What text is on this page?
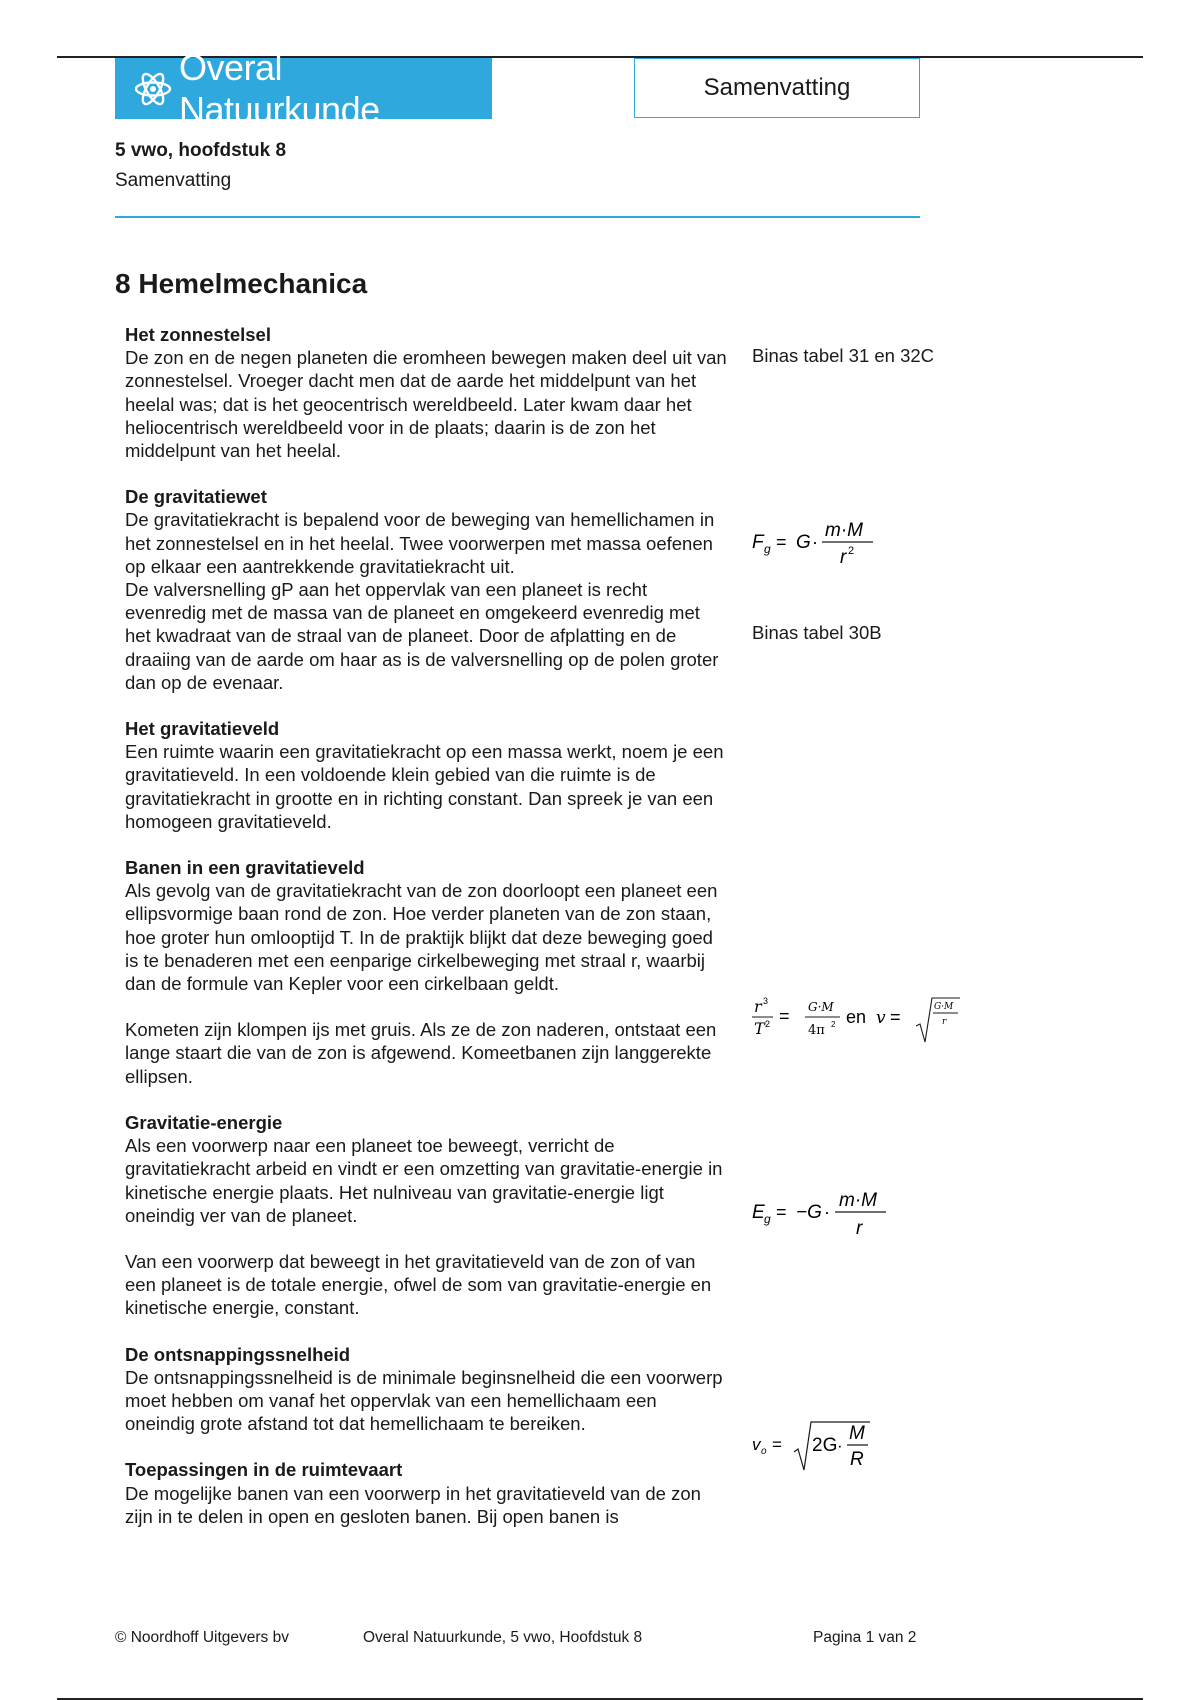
Overal Natuurkunde
Samenvatting
5 vwo, hoofdstuk 8
Samenvatting
8 Hemelmechanica
Het zonnestelsel

De zon en de negen planeten die eromheen bewegen maken deel uit van zonnestelsel. Vroeger dacht men dat de aarde het middelpunt van het heelal was; dat is het geocentrisch wereldbeeld. Later kwam daar het heliocentrisch wereldbeeld voor in de plaats; daarin is de zon het middelpunt van het heelal.

De gravitatiewet

De gravitatiekracht is bepalend voor de beweging van hemellichamen in het zonnestelsel en in het heelal. Twee voorwerpen met massa oefenen op elkaar een aantrekkende gravitatiekracht uit.

De valversnelling gP aan het oppervlak van een planeet is recht evenredig met de massa van de planeet en omgekeerd evenredig met het kwadraat van de straal van de planeet. Door de afplatting en de draaiing van de aarde om haar as is de valversnelling op de polen groter dan op de evenaar.

Het gravitatieveld

Een ruimte waarin een gravitatiekracht op een massa werkt, noem je een gravitatieveld. In een voldoende klein gebied van die ruimte is de gravitatiekracht in grootte en in richting constant. Dan spreek je van een homogeen gravitatieveld.

Banen in een gravitatieveld

Als gevolg van de gravitatiekracht van de zon doorloopt een planeet een ellipsvormige baan rond de zon. Hoe verder planeten van de zon staan, hoe groter hun omlooptijd T. In de praktijk blijkt dat deze beweging goed is te benaderen met een eenparige cirkelbeweging met straal r, waarbij dan de formule van Kepler voor een cirkelbaan geldt.

Kometen zijn klompen ijs met gruis. Als ze de zon naderen, ontstaat een lange staart die van de zon is afgewend. Komeetbanen zijn langgerekte ellipsen.

Gravitatie-energie

Als een voorwerp naar een planeet toe beweegt, verricht de gravitatiekracht arbeid en vindt er een omzetting van gravitatie-energie in kinetische energie plaats. Het nulniveau van gravitatie-energie ligt oneindig ver van de planeet.

Van een voorwerp dat beweegt in het gravitatieveld van de zon of van een planeet is de totale energie, ofwel de som van gravitatie-energie en kinetische energie, constant.

De ontsnappingssnelheid

De ontsnappingssnelheid is de minimale beginsnelheid die een voorwerp moet hebben om vanaf het oppervlak van een hemellichaam een oneindig grote afstand tot dat hemellichaam te bereiken.

Toepassingen in de ruimtevaart

De mogelijke banen van een voorwerp in het gravitatieveld van de zon zijn in te delen in open en gesloten banen. Bij open banen is

Binas tabel 31 en 32C
Binas tabel 30B
F g = G ·
m·M
r 2
r 3
T 2 = G·M
4π 2 en v =	G·M
r
E g = −G ·
m·M
r
v o = 2G ·
M
R
© Noordhoff Uitgevers bv	Overal Natuurkunde, 5 vwo, Hoofdstuk 8	Pagina 1 van 2
